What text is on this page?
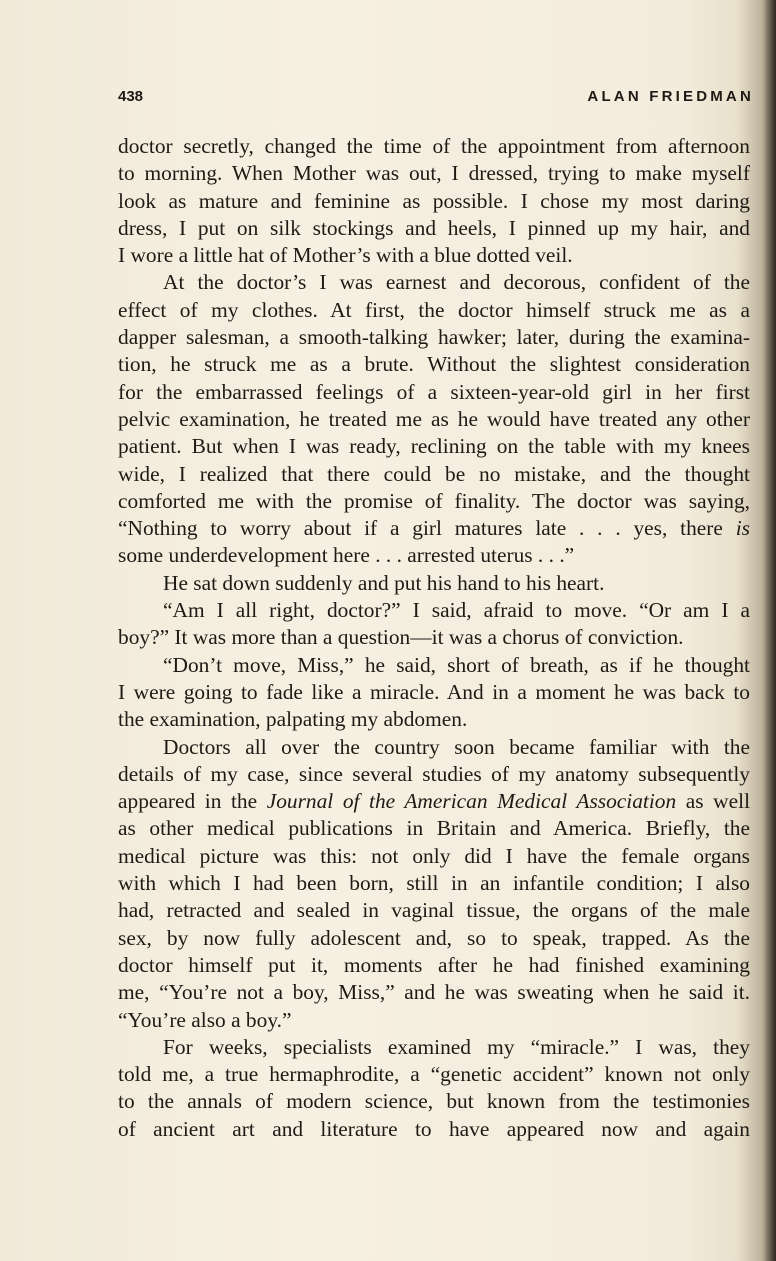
438	ALAN FRIEDMAN
doctor secretly, changed the time of the appointment from afternoon
to morning. When Mother was out, I dressed, trying to make myself
look as mature and feminine as possible. I chose my most daring
dress, I put on silk stockings and heels, I pinned up my hair, and
I wore a little hat of Mother’s with a blue dotted veil.
At the doctor’s I was earnest and decorous, confident of the
effect of my clothes. At first, the doctor himself struck me as a
dapper salesman, a smooth-talking hawker; later, during the examina-
tion, he struck me as a brute. Without the slightest consideration
for the embarrassed feelings of a sixteen-year-old girl in her first
pelvic examination, he treated me as he would have treated any other
patient. But when I was ready, reclining on the table with my knees
wide, I realized that there could be no mistake, and the thought
comforted me with the promise of finality. The doctor was saying,
“Nothing to worry about if a girl matures late . . . yes, there is
some underdevelopment here . . . arrested uterus . . .”
He sat down suddenly and put his hand to his heart.
“Am I all right, doctor?” I said, afraid to move. “Or am I a
boy?” It was more than a question—it was a chorus of conviction.
“Don’t move, Miss,” he said, short of breath, as if he thought
I were going to fade like a miracle. And in a moment he was back to
the examination, palpating my abdomen.
Doctors all over the country soon became familiar with the
details of my case, since several studies of my anatomy subsequently
appeared in the Journal of the American Medical Association as well
as other medical publications in Britain and America. Briefly, the
medical picture was this: not only did I have the female organs
with which I had been born, still in an infantile condition; I also
had, retracted and sealed in vaginal tissue, the organs of the male
sex, by now fully adolescent and, so to speak, trapped. As the
doctor himself put it, moments after he had finished examining
me, “You’re not a boy, Miss,” and he was sweating when he said it.
“You’re also a boy.”
For weeks, specialists examined my “miracle.” I was, they
told me, a true hermaphrodite, a “genetic accident” known not only
to the annals of modern science, but known from the testimonies
of ancient art and literature to have appeared now and again
